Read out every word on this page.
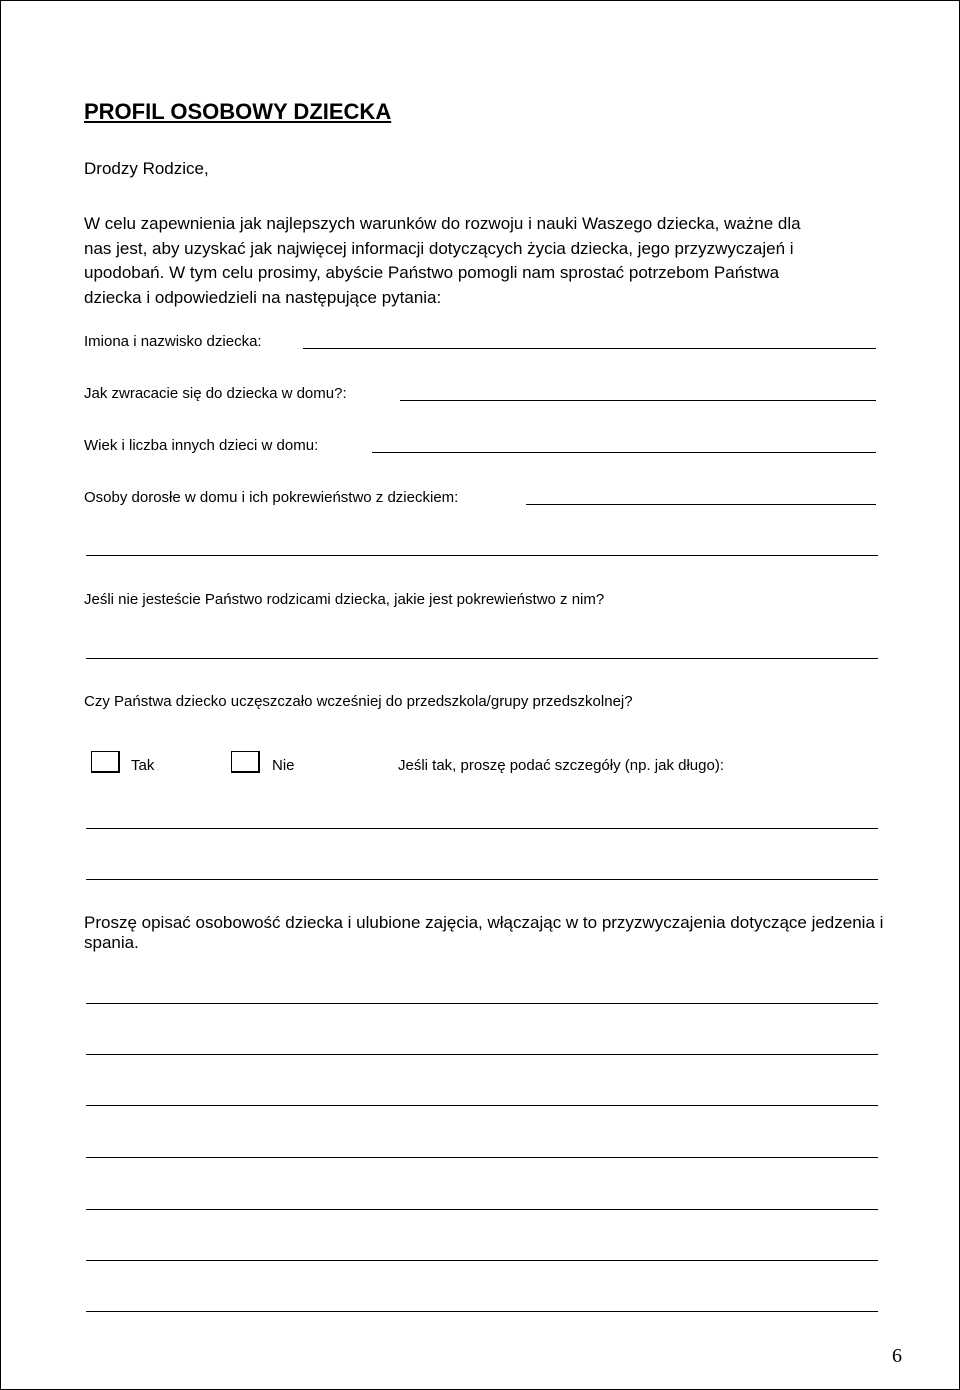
PROFIL OSOBOWY DZIECKA
Drodzy Rodzice,
W celu zapewnienia jak najlepszych warunków do rozwoju i nauki Waszego dziecka, ważne dla
nas jest, aby uzyskać jak najwięcej informacji dotyczących życia dziecka, jego przyzwyczajeń i
upodobań. W tym celu prosimy, abyście Państwo pomogli nam sprostać potrzebom Państwa
dziecka i odpowiedzieli na następujące pytania:
Imiona i nazwisko dziecka:
Jak zwracacie się do dziecka w domu?:
Wiek i liczba innych dzieci w domu:
Osoby dorosłe w domu i ich pokrewieństwo z dzieckiem:
Jeśli nie jesteście Państwo rodzicami dziecka, jakie jest pokrewieństwo z nim?
Czy Państwa dziecko uczęszczało wcześniej do przedszkola/grupy przedszkolnej?
Tak	Nie	Jeśli tak, proszę podać szczegóły (np. jak długo):
Proszę opisać osobowość dziecka i ulubione zajęcia, włączając w to przyzwyczajenia dotyczące jedzenia i spania.
6
